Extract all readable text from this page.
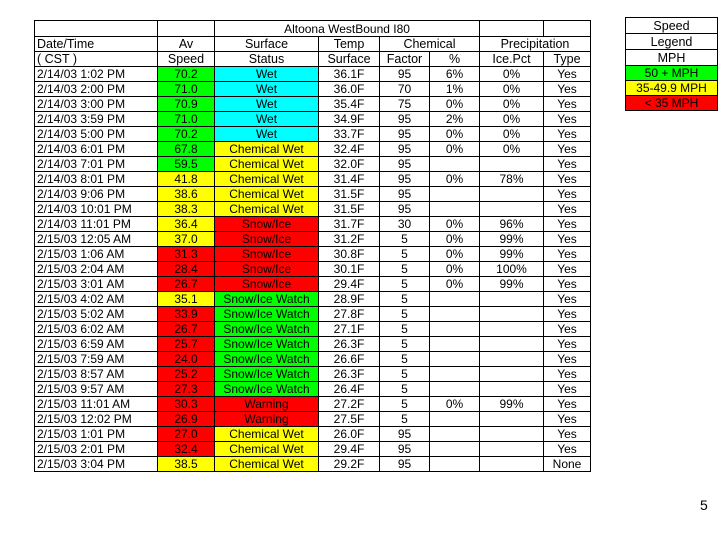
		Altoona WestBound I80					
Date/Time	Av	Surface	Temp	Chemical		Precipitation	
( CST )	Speed	Status	Surface	Factor	%	Ice.Pct	Type
2/14/03 1:02 PM	70.2	Wet	36.1F	95	6%	0%	Yes
2/14/03 2:00 PM	71.0	Wet	36.0F	70	1%	0%	Yes
2/14/03 3:00 PM	70.9	Wet	35.4F	75	0%	0%	Yes
2/14/03 3:59 PM	71.0	Wet	34.9F	95	2%	0%	Yes
2/14/03 5:00 PM	70.2	Wet	33.7F	95	0%	0%	Yes
2/14/03 6:01 PM	67.8	Chemical Wet	32.4F	95	0%	0%	Yes
2/14/03 7:01 PM	59.5	Chemical Wet	32.0F	95			Yes
2/14/03 8:01 PM	41.8	Chemical Wet	31.4F	95	0%	78%	Yes
2/14/03 9:06 PM	38.6	Chemical Wet	31.5F	95			Yes
2/14/03 10:01 PM	38.3	Chemical Wet	31.5F	95			Yes
2/14/03 11:01 PM	36.4	Snow/Ice	31.7F	30	0%	96%	Yes
2/15/03 12:05 AM	37.0	Snow/Ice	31.2F	5	0%	99%	Yes
2/15/03 1:06 AM	31.3	Snow/Ice	30.8F	5	0%	99%	Yes
2/15/03 2:04 AM	28.4	Snow/Ice	30.1F	5	0%	100%	Yes
2/15/03 3:01 AM	26.7	Snow/Ice	29.4F	5	0%	99%	Yes
2/15/03 4:02 AM	35.1	Snow/Ice Watch	28.9F	5			Yes
2/15/03 5:02 AM	33.9	Snow/Ice Watch	27.8F	5			Yes
2/15/03 6:02 AM	26.7	Snow/Ice Watch	27.1F	5			Yes
2/15/03 6:59 AM	25.7	Snow/Ice Watch	26.3F	5			Yes
2/15/03 7:59 AM	24.0	Snow/Ice Watch	26.6F	5			Yes
2/15/03 8:57 AM	25.2	Snow/Ice Watch	26.3F	5			Yes
2/15/03 9:57 AM	27.3	Snow/Ice Watch	26.4F	5			Yes
2/15/03 11:01 AM	30.3	Warning	27.2F	5	0%	99%	Yes
2/15/03 12:02 PM	26.9	Warning	27.5F	5			Yes
2/15/03 1:01 PM	27.0	Chemical Wet	26.0F	95			Yes
2/15/03 2:01 PM	32.4	Chemical Wet	29.4F	95			Yes
2/15/03 3:04 PM	38.5	Chemical Wet	29.2F	95			None
Speed
Legend
MPH
50 + MPH
35-49.9 MPH
< 35 MPH
5
